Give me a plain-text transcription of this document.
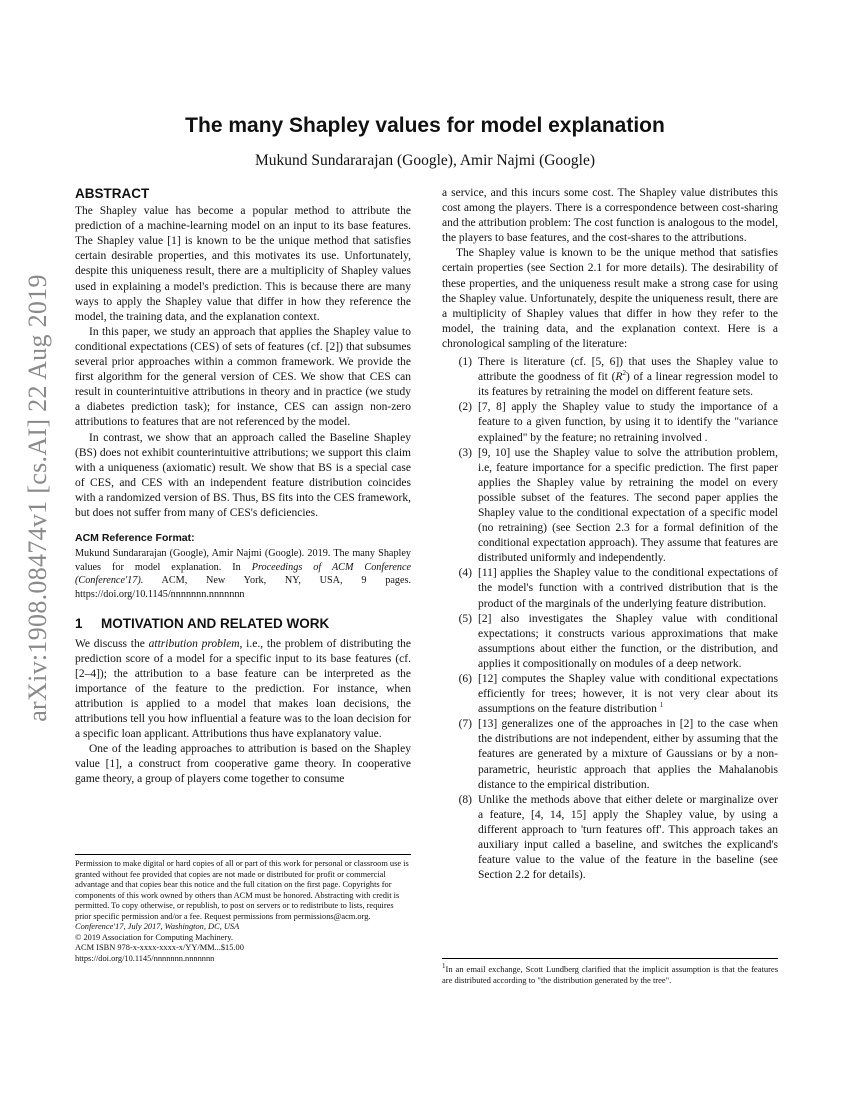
arXiv:1908.08474v1 [cs.AI] 22 Aug 2019
The many Shapley values for model explanation
Mukund Sundararajan (Google), Amir Najmi (Google)
ABSTRACT

The Shapley value has become a popular method to attribute the prediction of a machine-learning model on an input to its base features. The Shapley value [1] is known to be the unique method that satisfies certain desirable properties, and this motivates its use. Unfortunately, despite this uniqueness result, there are a multiplicity of Shapley values used in explaining a model's prediction. This is because there are many ways to apply the Shapley value that differ in how they reference the model, the training data, and the explanation context.

In this paper, we study an approach that applies the Shapley value to conditional expectations (CES) of sets of features (cf. [2]) that subsumes several prior approaches within a common framework. We provide the first algorithm for the general version of CES. We show that CES can result in counterintuitive attributions in theory and in practice (we study a diabetes prediction task); for instance, CES can assign non-zero attributions to features that are not referenced by the model.

In contrast, we show that an approach called the Baseline Shapley (BS) does not exhibit counterintuitive attributions; we support this claim with a uniqueness (axiomatic) result. We show that BS is a special case of CES, and CES with an independent feature distribution coincides with a randomized version of BS. Thus, BS fits into the CES framework, but does not suffer from many of CES's deficiencies.

ACM Reference Format:

Mukund Sundararajan (Google), Amir Najmi (Google). 2019. The many Shapley values for model explanation. In Proceedings of ACM Conference (Conference'17). ACM, New York, NY, USA, 9 pages. https://doi.org/10.1145/nnnnnnn.nnnnnnn

1 MOTIVATION AND RELATED WORK

We discuss the attribution problem, i.e., the problem of distributing the prediction score of a model for a specific input to its base features (cf. [2–4]); the attribution to a base feature can be interpreted as the importance of the feature to the prediction. For instance, when attribution is applied to a model that makes loan decisions, the attributions tell you how influential a feature was to the loan decision for a specific loan applicant. Attributions thus have explanatory value.

One of the leading approaches to attribution is based on the Shapley value [1], a construct from cooperative game theory. In cooperative game theory, a group of players come together to consume

Permission to make digital or hard copies of all or part of this work for personal or classroom use is granted without fee provided that copies are not made or distributed for profit or commercial advantage and that copies bear this notice and the full citation on the first page. Copyrights for components of this work owned by others than ACM must be honored. Abstracting with credit is permitted. To copy otherwise, or republish, to post on servers or to redistribute to lists, requires prior specific permission and/or a fee. Request permissions from permissions@acm.org.
Conference'17, July 2017, Washington, DC, USA
© 2019 Association for Computing Machinery.
ACM ISBN 978-x-xxxx-xxxx-x/YY/MM...$15.00
https://doi.org/10.1145/nnnnnnn.nnnnnnn

a service, and this incurs some cost. The Shapley value distributes this cost among the players. There is a correspondence between cost-sharing and the attribution problem: The cost function is analogous to the model, the players to base features, and the cost-shares to the attributions.

The Shapley value is known to be the unique method that satisfies certain properties (see Section 2.1 for more details). The desirability of these properties, and the uniqueness result make a strong case for using the Shapley value. Unfortunately, despite the uniqueness result, there are a multiplicity of Shapley values that differ in how they refer to the model, the training data, and the explanation context. Here is a chronological sampling of the literature:

(1) There is literature (cf. [5, 6]) that uses the Shapley value to attribute the goodness of fit $(R^2)$ of a linear regression model to its features by retraining the model on different feature sets.
(2) [7, 8] apply the Shapley value to study the importance of a feature to a given function, by using it to identify the "variance explained" by the feature; no retraining involved .
(3) [9, 10] use the Shapley value to solve the attribution problem, i.e, feature importance for a specific prediction. The first paper applies the Shapley value by retraining the model on every possible subset of the features. The second paper applies the Shapley value to the conditional expectation of a specific model (no retraining) (see Section 2.3 for a formal definition of the conditional expectation approach). They assume that features are distributed uniformly and independently.
(4) [11] applies the Shapley value to the conditional expectations of the model's function with a contrived distribution that is the product of the marginals of the underlying feature distribution.
(5) [2] also investigates the Shapley value with conditional expectations; it constructs various approximations that make assumptions about either the function, or the distribution, and applies it compositionally on modules of a deep network.
(6) [12] computes the Shapley value with conditional expectations efficiently for trees; however, it is not very clear about its assumptions on the feature distribution $^1$
(7) [13] generalizes one of the approaches in [2] to the case when the distributions are not independent, either by assuming that the features are generated by a mixture of Gaussians or by a non-parametric, heuristic approach that applies the Mahalanobis distance to the empirical distribution.
(8) Unlike the methods above that either delete or marginalize over a feature, [4, 14, 15] apply the Shapley value, by using a different approach to 'turn features off'. This approach takes an auxiliary input called a baseline, and switches the explicand's feature value to the value of the feature in the baseline (see Section 2.2 for details).
$^1$In an email exchange, Scott Lundberg clarified that the implicit assumption is that the features are distributed according to "the distribution generated by the tree".
